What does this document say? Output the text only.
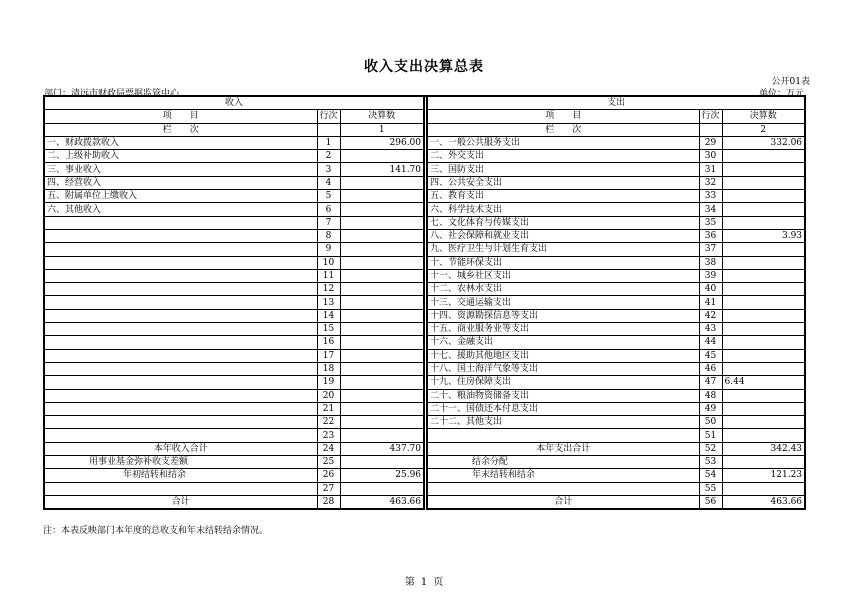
收入支出决算总表
公开01表
部门：清远市财政局票据监管中心	单位：万元
收入				支出		
项　　目	行次	决算数		项　　目	行次	决算数
栏　　次		1		栏　　次		2
一、财政拨款收入	1	296.00		一、一般公共服务支出	29	332.06
二、上级补助收入	2			二、外交支出	30	
三、事业收入	3	141.70		三、国防支出	31	
四、经营收入	4			四、公共安全支出	32	
五、附属单位上缴收入	5			五、教育支出	33	
六、其他收入	6			六、科学技术支出	34	
	7			七、文化体育与传媒支出	35	
	8			八、社会保障和就业支出	36	3.93
	9			九、医疗卫生与计划生育支出	37	
	10			十、节能环保支出	38	
	11			十一、城乡社区支出	39	
	12			十二、农林水支出	40	
	13			十三、交通运输支出	41	
	14			十四、资源勘探信息等支出	42	
	15			十五、商业服务业等支出	43	
	16			十六、金融支出	44	
	17			十七、援助其他地区支出	45	
	18			十八、国土海洋气象等支出	46	
	19			十九、住房保障支出	47	6.44
	20			二十、粮油物资储备支出	48	
	21			二十一、国债还本付息支出	49	
	22			二十二、其他支出	50	
	23				51	
本年收入合计	24	437.70		本年支出合计	52	342.43
用事业基金弥补收支差额	25			结余分配	53	
年初结转和结余	26	25.96		年末结转和结余	54	121.23
	27				55	
合计	28	463.66		合计	56	463.66
注：本表反映部门本年度的总收支和年末结转结余情况。
第 1 页
